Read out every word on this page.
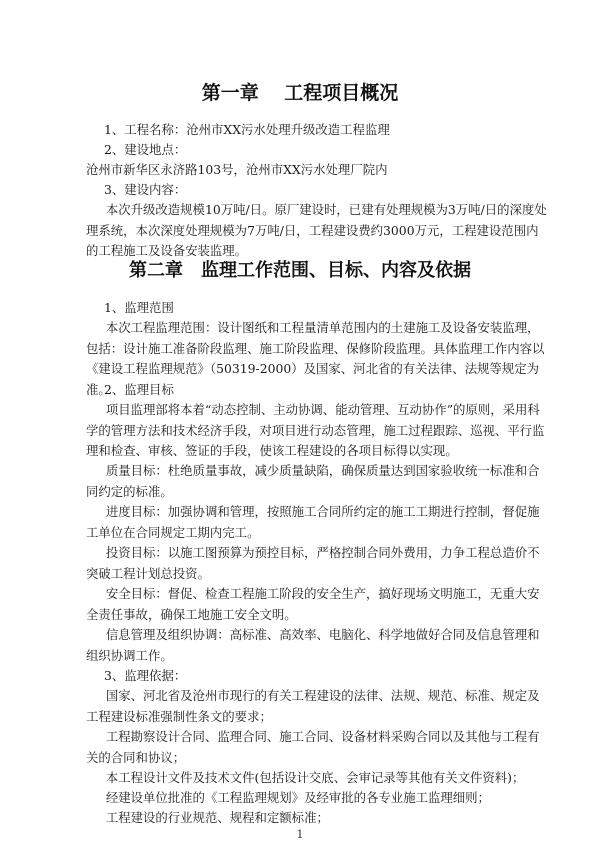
第一章　 工程项目概况

1、工程名称：沧州市XX污水处理升级改造工程监理

2、建设地点：

沧州市新华区永济路103号，沧州市XX污水处理厂院内

3、建设内容：

本次升级改造规模10万吨/日。原厂建设时，已建有处理规模为3万吨/日的深度处理系统，本次深度处理规模为7万吨/日，工程建设费约3000万元，工程建设范围内的工程施工及设备安装监理。

第二章　监理工作范围、目标、内容及依据

1、监理范围

本次工程监理范围：设计图纸和工程量清单范围内的土建施工及设备安装监理，包括：设计施工准备阶段监理、施工阶段监理、保修阶段监理。具体监理工作内容以《建设工程监理规范》（50319-2000）及国家、河北省的有关法律、法规等规定为准。

2、监理目标

项目监理部将本着“动态控制、主动协调、能动管理、互动协作”的原则，采用科学的管理方法和技术经济手段，对项目进行动态管理，施工过程跟踪、巡视、平行监理和检查、审核、签证的手段，使该工程建设的各项目标得以实现。

质量目标：杜绝质量事故，减少质量缺陷，确保质量达到国家验收统一标准和合同约定的标准。

进度目标：加强协调和管理，按照施工合同所约定的施工工期进行控制，督促施工单位在合同规定工期内完工。

投资目标：以施工图预算为预控目标，严格控制合同外费用，力争工程总造价不突破工程计划总投资。

安全目标：督促、检查工程施工阶段的安全生产，搞好现场文明施工，无重大安全责任事故，确保工地施工安全文明。

信息管理及组织协调：高标准、高效率、电脑化、科学地做好合同及信息管理和组织协调工作。

3、监理依据：

国家、河北省及沧州市现行的有关工程建设的法律、法规、规范、标准、规定及工程建设标准强制性条文的要求；

工程勘察设计合同、监理合同、施工合同、设备材料采购合同以及其他与工程有关的合同和协议；

本工程设计文件及技术文件(包括设计交底、会审记录等其他有关文件资料)；

经建设单位批准的《工程监理规划》及经审批的各专业施工监理细则；

工程建设的行业规范、规程和定额标准；

1
